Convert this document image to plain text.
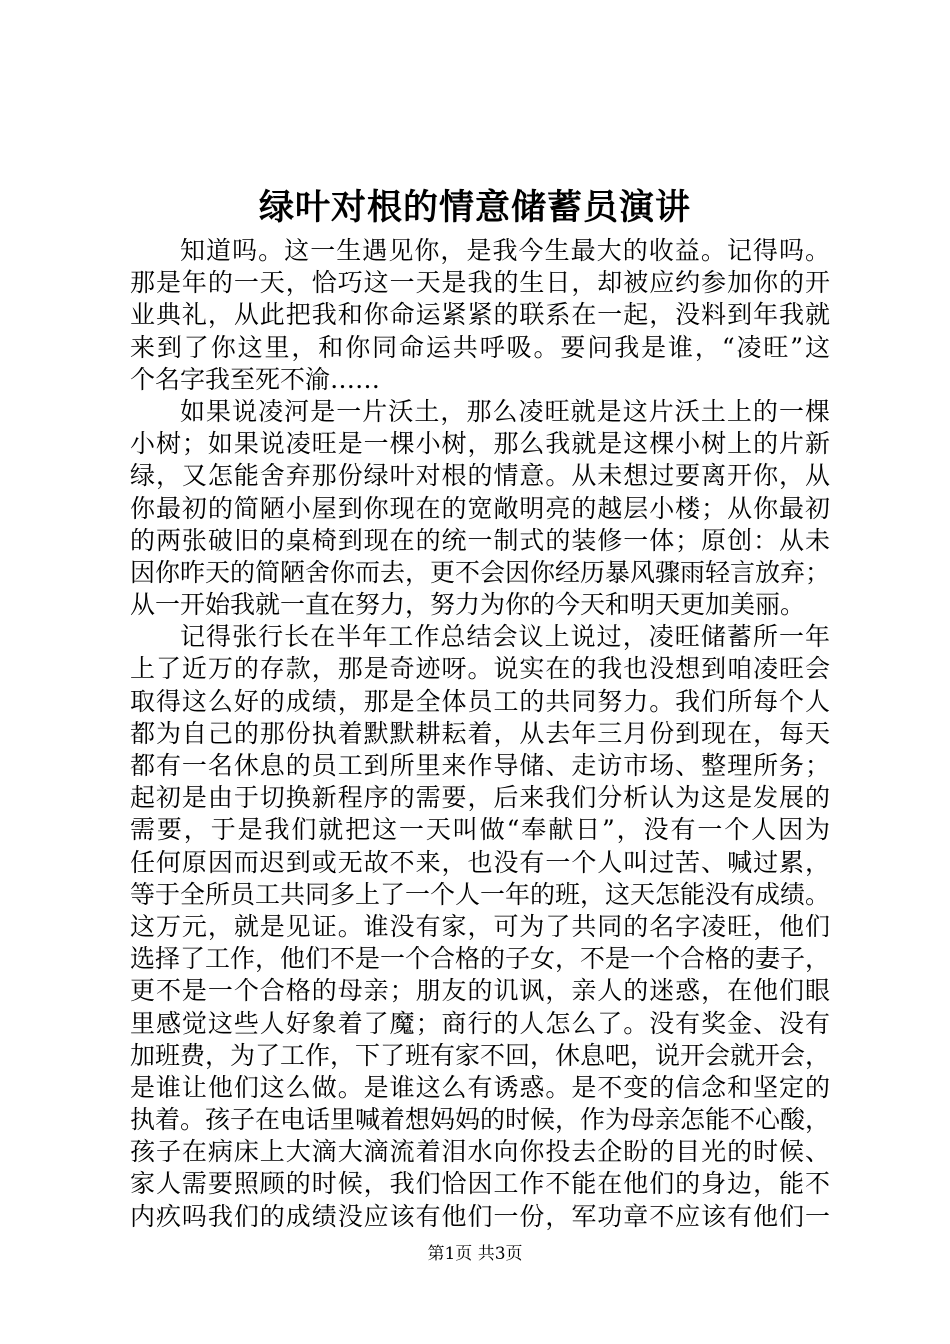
绿叶对根的情意储蓄员演讲
知道吗。这一生遇见你，是我今生最大的收益。记得吗。
那是年的一天，恰巧这一天是我的生日，却被应约参加你的开
业典礼，从此把我和你命运紧紧的联系在一起，没料到年我就
来到了你这里，和你同命运共呼吸。要问我是谁，“凌旺”这
个名字我至死不渝……
如果说凌河是一片沃土，那么凌旺就是这片沃土上的一棵
小树；如果说凌旺是一棵小树，那么我就是这棵小树上的片新
绿，又怎能舍弃那份绿叶对根的情意。从未想过要离开你，从
你最初的简陋小屋到你现在的宽敞明亮的越层小楼；从你最初
的两张破旧的桌椅到现在的统一制式的装修一体；原创：从未
因你昨天的简陋舍你而去，更不会因你经历暴风骤雨轻言放弃；
从一开始我就一直在努力，努力为你的今天和明天更加美丽。
记得张行长在半年工作总结会议上说过，凌旺储蓄所一年
上了近万的存款，那是奇迹呀。说实在的我也没想到咱凌旺会
取得这么好的成绩，那是全体员工的共同努力。我们所每个人
都为自己的那份执着默默耕耘着，从去年三月份到现在，每天
都有一名休息的员工到所里来作导储、走访市场、整理所务；
起初是由于切换新程序的需要，后来我们分析认为这是发展的
需要，于是我们就把这一天叫做“奉献日”，没有一个人因为
任何原因而迟到或无故不来，也没有一个人叫过苦、喊过累，
等于全所员工共同多上了一个人一年的班，这天怎能没有成绩。
这万元，就是见证。谁没有家，可为了共同的名字凌旺，他们
选择了工作，他们不是一个合格的子女，不是一个合格的妻子，
更不是一个合格的母亲；朋友的讥讽，亲人的迷惑，在他们眼
里感觉这些人好象着了魔；商行的人怎么了。没有奖金、没有
加班费，为了工作，下了班有家不回，休息吧，说开会就开会，
是谁让他们这么做。是谁这么有诱惑。是不变的信念和坚定的
执着。孩子在电话里喊着想妈妈的时候，作为母亲怎能不心酸，
孩子在病床上大滴大滴流着泪水向你投去企盼的目光的时候、
家人需要照顾的时候，我们恰因工作不能在他们的身边，能不
内疚吗我们的成绩没应该有他们一份，军功章不应该有他们一
第1页 共3页
